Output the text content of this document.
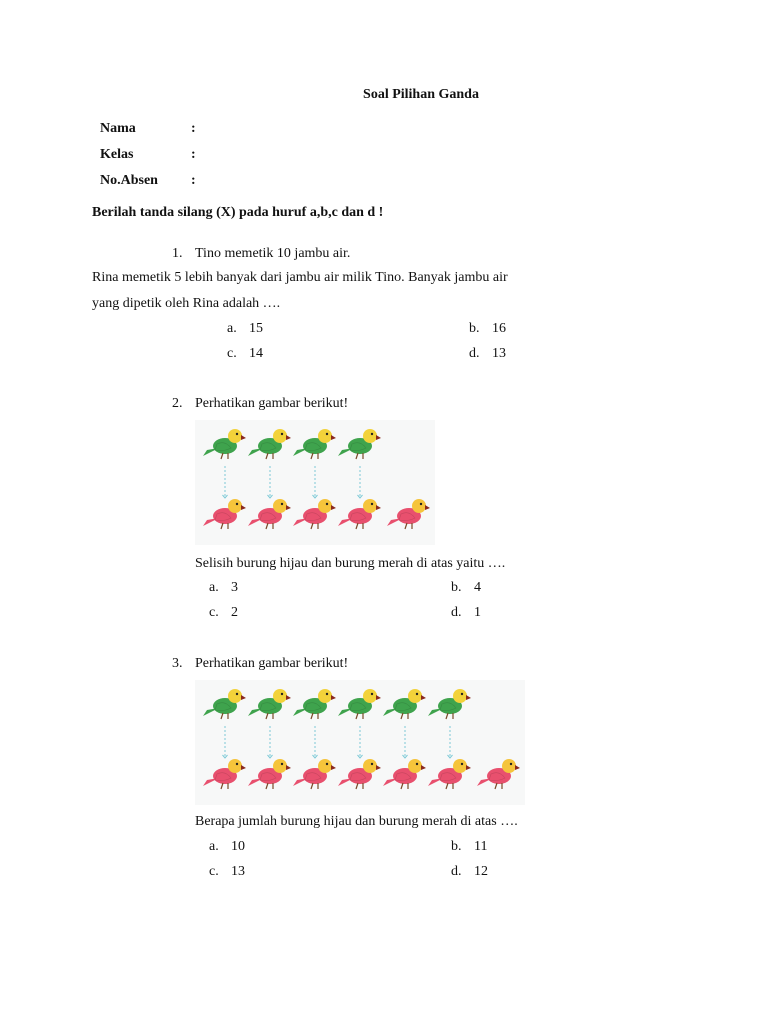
Soal Pilihan Ganda
Nama	:
Kelas	:
No.Absen :
Berilah tanda silang (X) pada huruf a,b,c dan d !
1. Tino memetik 10 jambu air.
Rina memetik 5 lebih banyak dari jambu air milik Tino. Banyak jambu air
yang dipetik oleh Rina adalah ….
a. 15	b. 16
c. 14	d. 13
2. Perhatikan gambar berikut!
Selisih burung hijau dan burung merah di atas yaitu ….
a. 3	b. 4
c. 2	d. 1
3. Perhatikan gambar berikut!
Berapa jumlah burung hijau dan burung merah di atas ….
a. 10	b. 11
c. 13	d. 12
